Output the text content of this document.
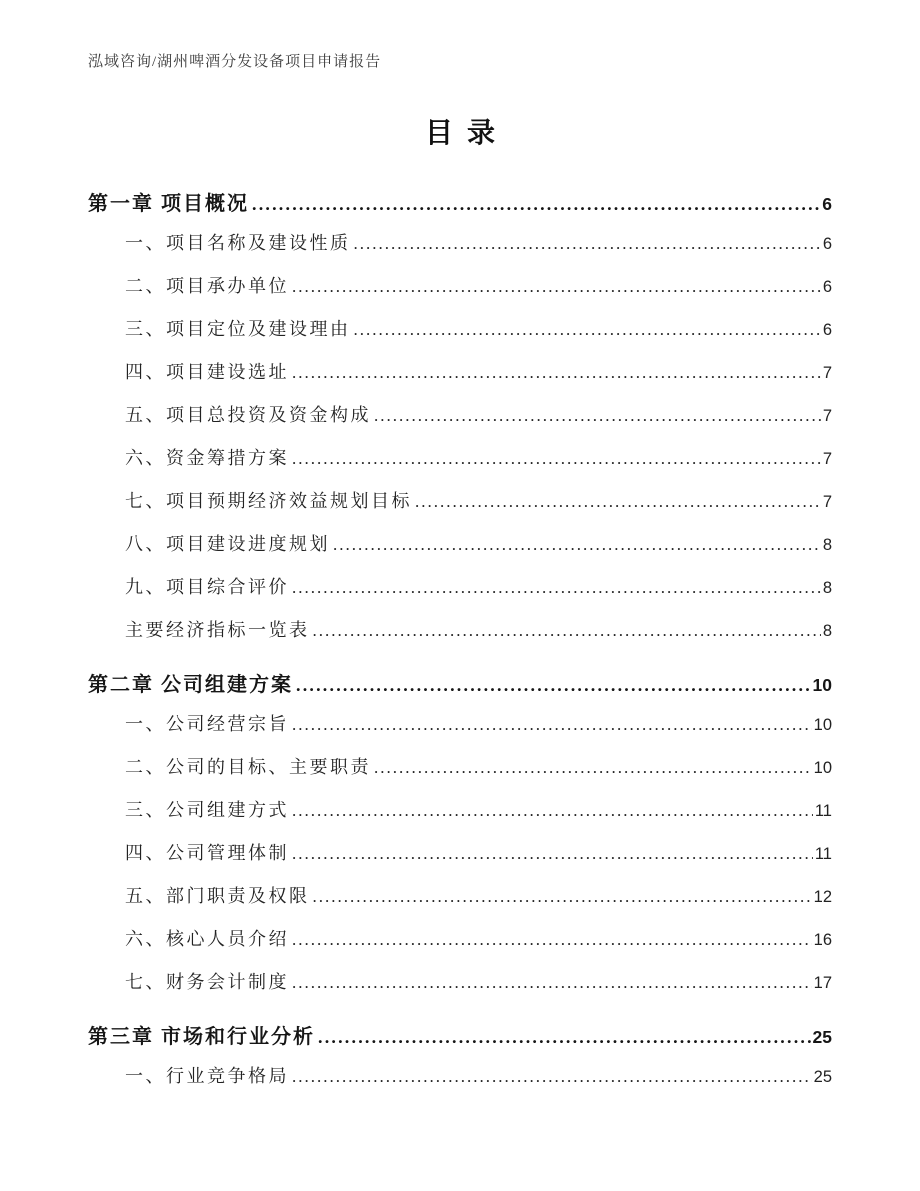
泓域咨询/湖州啤酒分发设备项目申请报告
目录
第一章 项目概况 .....	6
一、项目名称及建设性质 .....	6
二、项目承办单位 .....	6
三、项目定位及建设理由 .....	6
四、项目建设选址 .....	7
五、项目总投资及资金构成 .....	7
六、资金筹措方案 .....	7
七、项目预期经济效益规划目标 .....	7
八、项目建设进度规划 .....	8
九、项目综合评价 .....	8
主要经济指标一览表 .....	8
第二章 公司组建方案 .....	10
一、公司经营宗旨 .....	10
二、公司的目标、主要职责 .....	10
三、公司组建方式 .....	11
四、公司管理体制 .....	11
五、部门职责及权限 .....	12
六、核心人员介绍 .....	16
七、财务会计制度 .....	17
第三章 市场和行业分析 .....	25
一、行业竞争格局 .....	25
